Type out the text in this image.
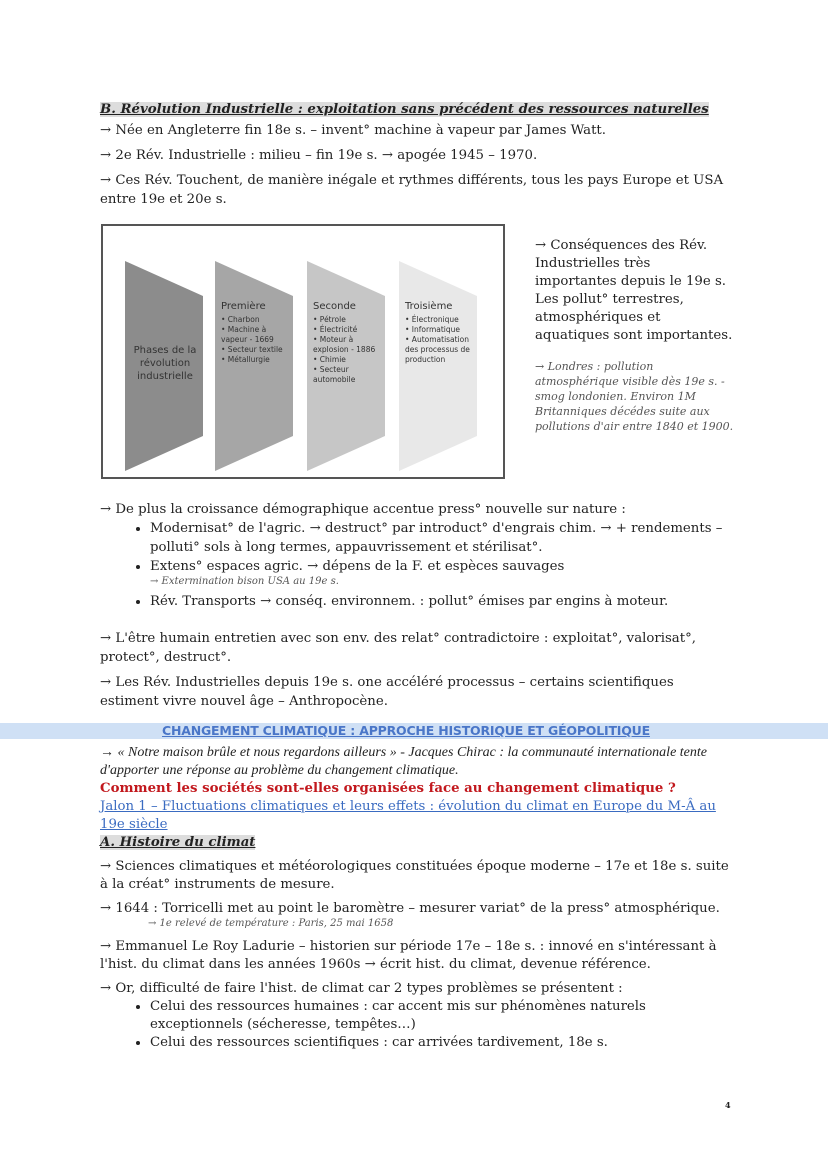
B. Révolution Industrielle : exploitation sans précédent des ressources naturelles

→ Née en Angleterre fin 18e s. – invent° machine à vapeur par James Watt.

→ 2e Rév. Industrielle : milieu – fin 19e s. → apogée 1945 – 1970.

→ Ces Rév. Touchent, de manière inégale et rythmes différents, tous les pays Europe et USA entre 19e et 20e s.

Phases de la révolution industrielle
Première
• Charbon
• Machine à vapeur - 1669
• Secteur textile
• Métallurgie
Seconde
• Pétrole
• Électricité
• Moteur à explosion - 1886
• Chimie
• Secteur automobile
Troisième
• Électronique
• Informatique
• Automatisation des processus de production

→ Conséquences des Rév. Industrielles très importantes depuis le 19e s. Les pollut° terrestres, atmosphériques et aquatiques sont importantes.

→ Londres : pollution atmosphérique visible dès 19e s. - smog londonien. Environ 1M Britanniques décédes suite aux pollutions d'air entre 1840 et 1900.

→ De plus la croissance démographique accentue press° nouvelle sur nature :

• Modernisat° de l'agric. → destruct° par introduct° d'engrais chim. → + rendements – polluti° sols à long termes, appauvrissement et stérilisat°.
• Extens° espaces agric. → dépens de la F. et espèces sauvages

→ Extermination bison USA au 19e s.

• Rév. Transports → conséq. environnem. : pollut° émises par engins à moteur.

→ L'être humain entretien avec son env. des relat° contradictoire : exploitat°, valorisat°, protect°, destruct°.

→ Les Rév. Industrielles depuis 19e s. one accéléré processus – certains scientifiques estiment vivre nouvel âge – Anthropocène.

CHANGEMENT CLIMATIQUE : APPROCHE HISTORIQUE ET GÉOPOLITIQUE

→ « Notre maison brûle et nous regardons ailleurs » - Jacques Chirac : la communauté internationale tente d'apporter une réponse au problème du changement climatique.

Comment les sociétés sont-elles organisées face au changement climatique ?

Jalon 1 – Fluctuations climatiques et leurs effets : évolution du climat en Europe du M-Â au 19e siècle

A. Histoire du climat

→ Sciences climatiques et météorologiques constituées époque moderne – 17e et 18e s. suite à la créat° instruments de mesure.

→ 1644 : Torricelli met au point le baromètre – mesurer variat° de la press° atmosphérique.

→ 1e relevé de température : Paris, 25 mai 1658

→ Emmanuel Le Roy Ladurie – historien sur période 17e – 18e s. : innové en s'intéressant à l'hist. du climat dans les années 1960s → écrit hist. du climat, devenue référence.

→ Or, difficulté de faire l'hist. de climat car 2 types problèmes se présentent :

• Celui des ressources humaines : car accent mis sur phénomènes naturels exceptionnels (sécheresse, tempêtes…)
• Celui des ressources scientifiques : car arrivées tardivement, 18e s.
4
